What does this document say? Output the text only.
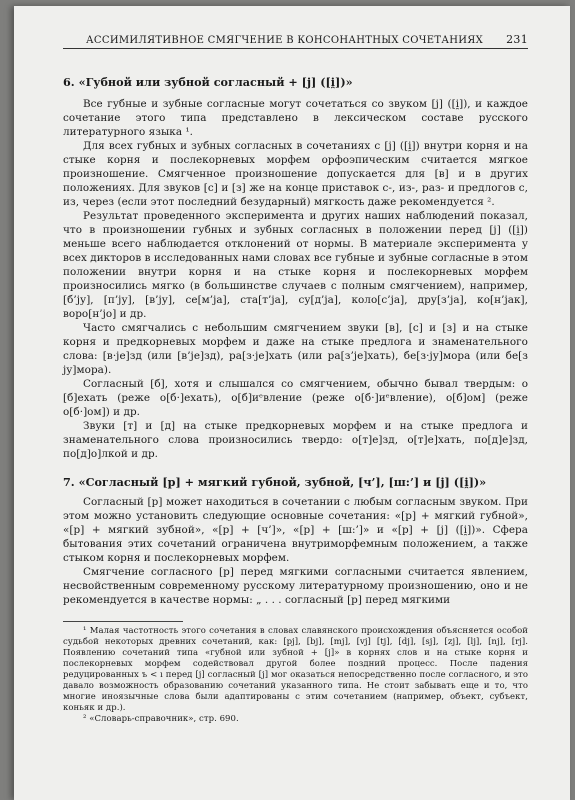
АССИМИЛЯТИВНОЕ СМЯГЧЕНИЕ В КОНСОНАНТНЫХ СОЧЕТАНИЯХ	231
6. «Губной или зубной согласный + [j] ([i̯])»

Все губные и зубные согласные могут сочетаться со звуком [j] ([i̯]), и каждое сочетание этого типа представлено в лексическом составе русского литературного языка ¹.

Для всех губных и зубных согласных в сочетаниях с [j] ([i̯]) внутри корня и на стыке корня и послекорневых морфем орфоэпическим считается мягкое произношение. Смягченное произношение допускается для [в] и в других положениях. Для звуков [с] и [з] же на конце приставок с-, из-, раз- и предлогов с, из, через (если этот последний безударный) мягкость даже рекомендуется ².

Результат проведенного эксперимента и других наших наблюдений показал, что в произношении губных и зубных согласных в положении перед [j] ([i̯]) меньше всего наблюдается отклонений от нормы. В материале эксперимента у всех дикторов в исследованных нами словах все губные и зубные согласные в этом положении внутри корня и на стыке корня и послекорневых морфем произносились мягко (в большинстве случаев с полным смягчением), например, [б’ју], [п’ју], [в’ју], се[м’ја], ста[т’ја], су[д’ја], коло[с’ја], дру[з’ја], ко[н’јак], воро[н’јо] и др.

Часто смягчались с небольшим смягчением звуки [в], [с] и [з] и на стыке корня и предкорневых морфем и даже на стыке предлога и знаменательного слова: [в·је]зд (или [в’је]зд), ра[з·је]хать (или ра[з’је]хать), бе[з·ју]мора (или бе[з ју]мора).

Согласный [б], хотя и слышался со смягчением, обычно бывал твердым: о [б]ехать (реже о[б·]ехать), о[б]иᵉвление (реже о[б·]иᵉвление), о[б]ом] (реже о[б·]ом]) и др.

Звуки [т] и [д] на стыке предкорневых морфем и на стыке предлога и знаменательного слова произносились твердо: о[т]е]зд, о[т]е]хать, по[д]е]зд, по[д]о]лкой и др.

7. «Согласный [р] + мягкий губной, зубной, [ч’], [ш:’] и [j] ([i̯])»

Согласный [р] может находиться в сочетании с любым согласным звуком. При этом можно установить следующие основные сочетания: «[р] + мягкий губной», «[р] + мягкий зубной», «[р] + [ч’]», «[р] + [ш:’]» и «[р] + [j] ([i̯])». Сфера бытования этих сочетаний ограничена внутриморфемным положением, а также стыком корня и послекорневых морфем.

Смягчение согласного [р] перед мягкими согласными считается явлением, несвойственным современному русскому литературному произношению, оно и не рекомендуется в качестве нормы: „ . . . согласный [р] перед мягкими

¹ Малая частотность этого сочетания в словах славянского происхождения объясняется особой судьбой некоторых древних сочетаний, как: [pj], [bj], [mj], [vj] [tj], [dj], [sj], [zj], [lj], [nj], [rj]. Появлению сочетаний типа «губной или зубной + [j]» в корнях слов и на стыке корня и послекорневых морфем содействовал другой более поздний процесс. После падения редуцированных ъ < ı перед [j] согласный [j] мог оказаться непосредственно после согласного, и это давало возможность образованию сочетаний указанного типа. Не стоит забывать еще и то, что многие иноязычные слова были адаптированы с этим сочетанием (например, объект, субъект, коньяк и др.).

² «Словарь-справочник», стр. 690.
